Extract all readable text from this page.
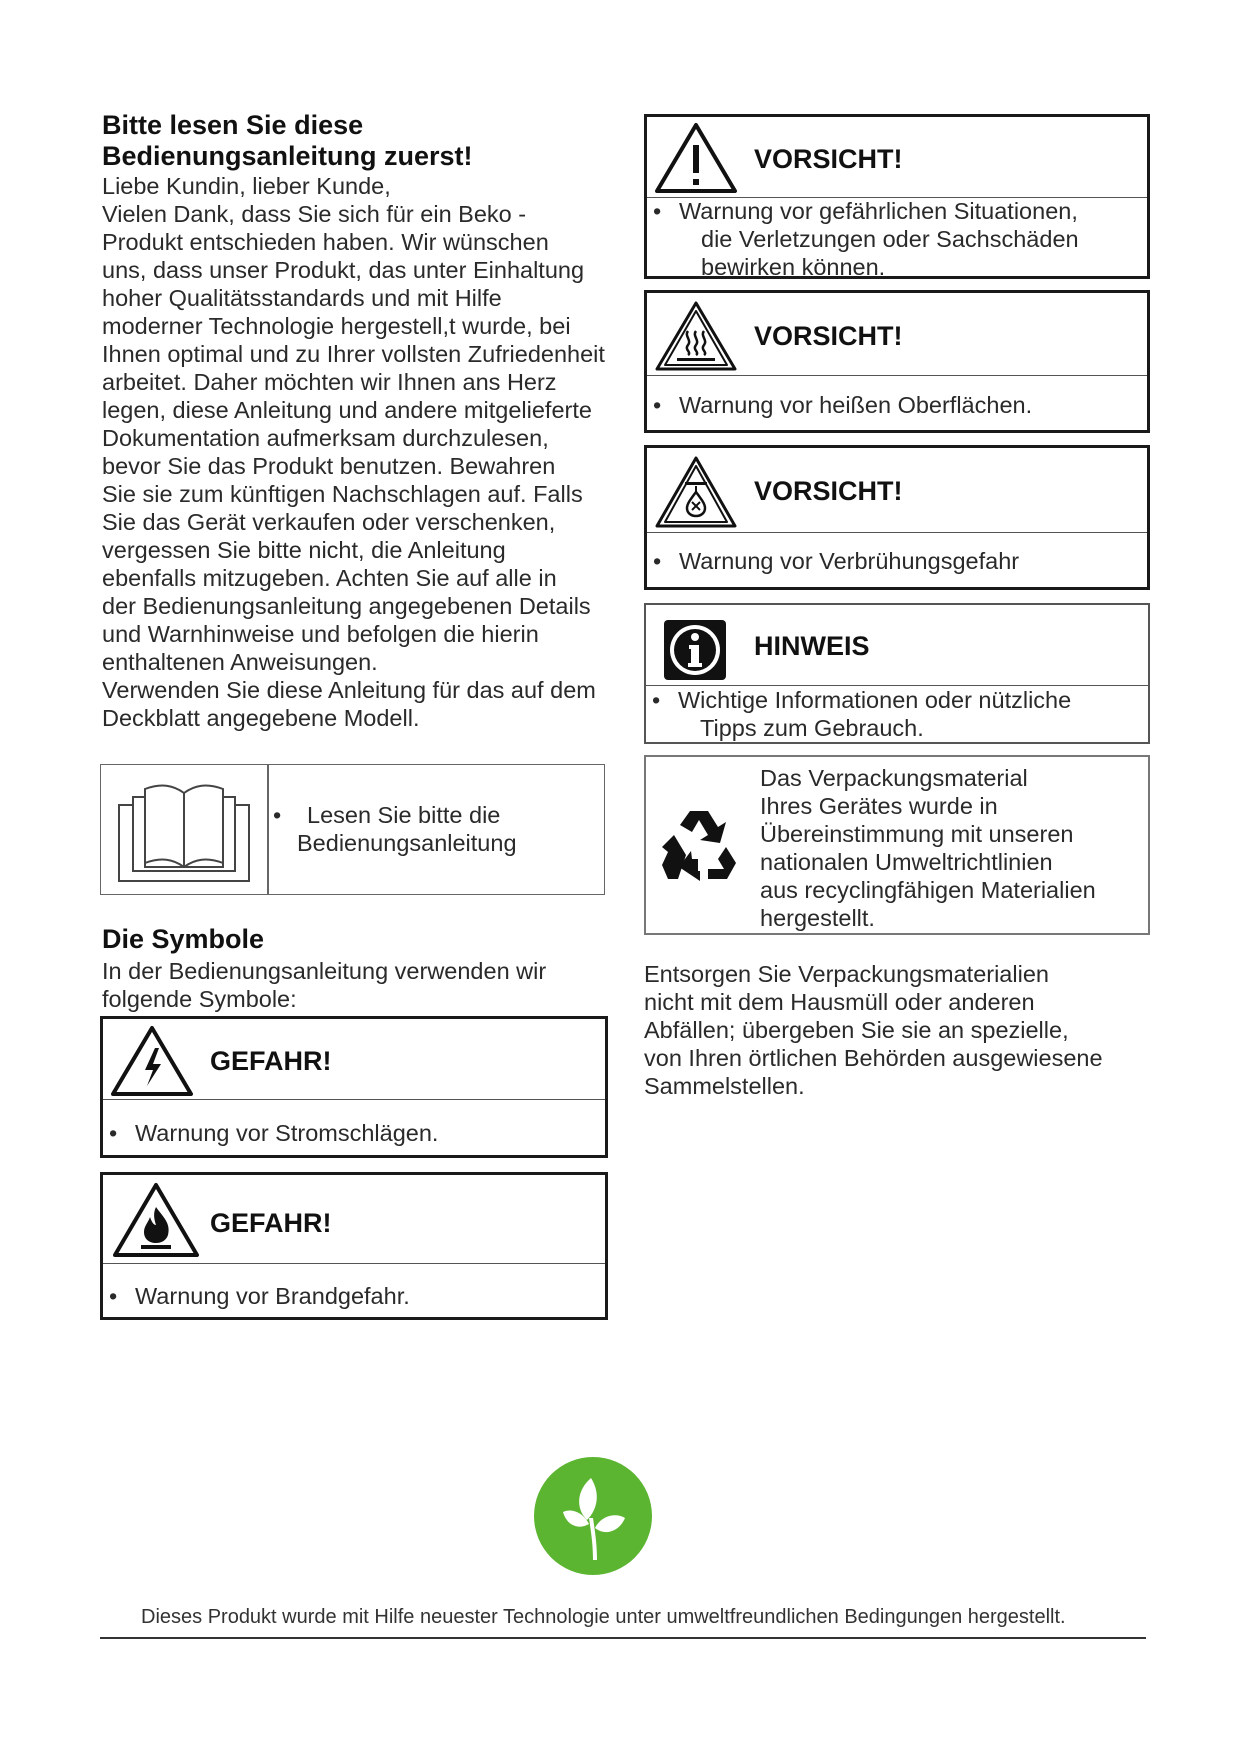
Bitte lesen Sie diese
Bedienungsanleitung zuerst!
Liebe Kundin, lieber Kunde,
Vielen Dank, dass Sie sich für ein Beko -
Produkt entschieden haben. Wir wünschen
uns, dass unser Produkt, das unter Einhaltung
hoher Qualitätsstandards und mit Hilfe
moderner Technologie hergestell,t wurde, bei
Ihnen optimal und zu Ihrer vollsten Zufriedenheit
arbeitet. Daher möchten wir Ihnen ans Herz
legen, diese Anleitung und andere mitgelieferte
Dokumentation aufmerksam durchzulesen,
bevor Sie das Produkt benutzen. Bewahren
Sie sie zum künftigen Nachschlagen auf. Falls
Sie das Gerät verkaufen oder verschenken,
vergessen Sie bitte nicht, die Anleitung
ebenfalls mitzugeben. Achten Sie auf alle in
der Bedienungsanleitung angegebenen Details
und Warnhinweise und befolgen die hierin
enthaltenen Anweisungen.
Verwenden Sie diese Anleitung für das auf dem
Deckblatt angegebene Modell.
• Lesen Sie bitte die
Bedienungsanleitung
Die Symbole
In der Bedienungsanleitung verwenden wir
folgende Symbole:
GEFAHR!
• Warnung vor Stromschlägen.
GEFAHR!
• Warnung vor Brandgefahr.
VORSICHT!
• Warnung vor gefährlichen Situationen,
die Verletzungen oder Sachschäden
bewirken können.
VORSICHT!
• Warnung vor heißen Oberflächen.
VORSICHT!
• Warnung vor Verbrühungsgefahr
HINWEIS
• Wichtige Informationen oder nützliche
Tipps zum Gebrauch.
Das Verpackungsmaterial
Ihres Gerätes wurde in
Übereinstimmung mit unseren
nationalen Umweltrichtlinien
aus recyclingfähigen Materialien
hergestellt.
Entsorgen Sie Verpackungsmaterialien
nicht mit dem Hausmüll oder anderen
Abfällen; übergeben Sie sie an spezielle,
von Ihren örtlichen Behörden ausgewiesene
Sammelstellen.
Dieses Produkt wurde mit Hilfe neuester Technologie unter umweltfreundlichen Bedingungen hergestellt.
